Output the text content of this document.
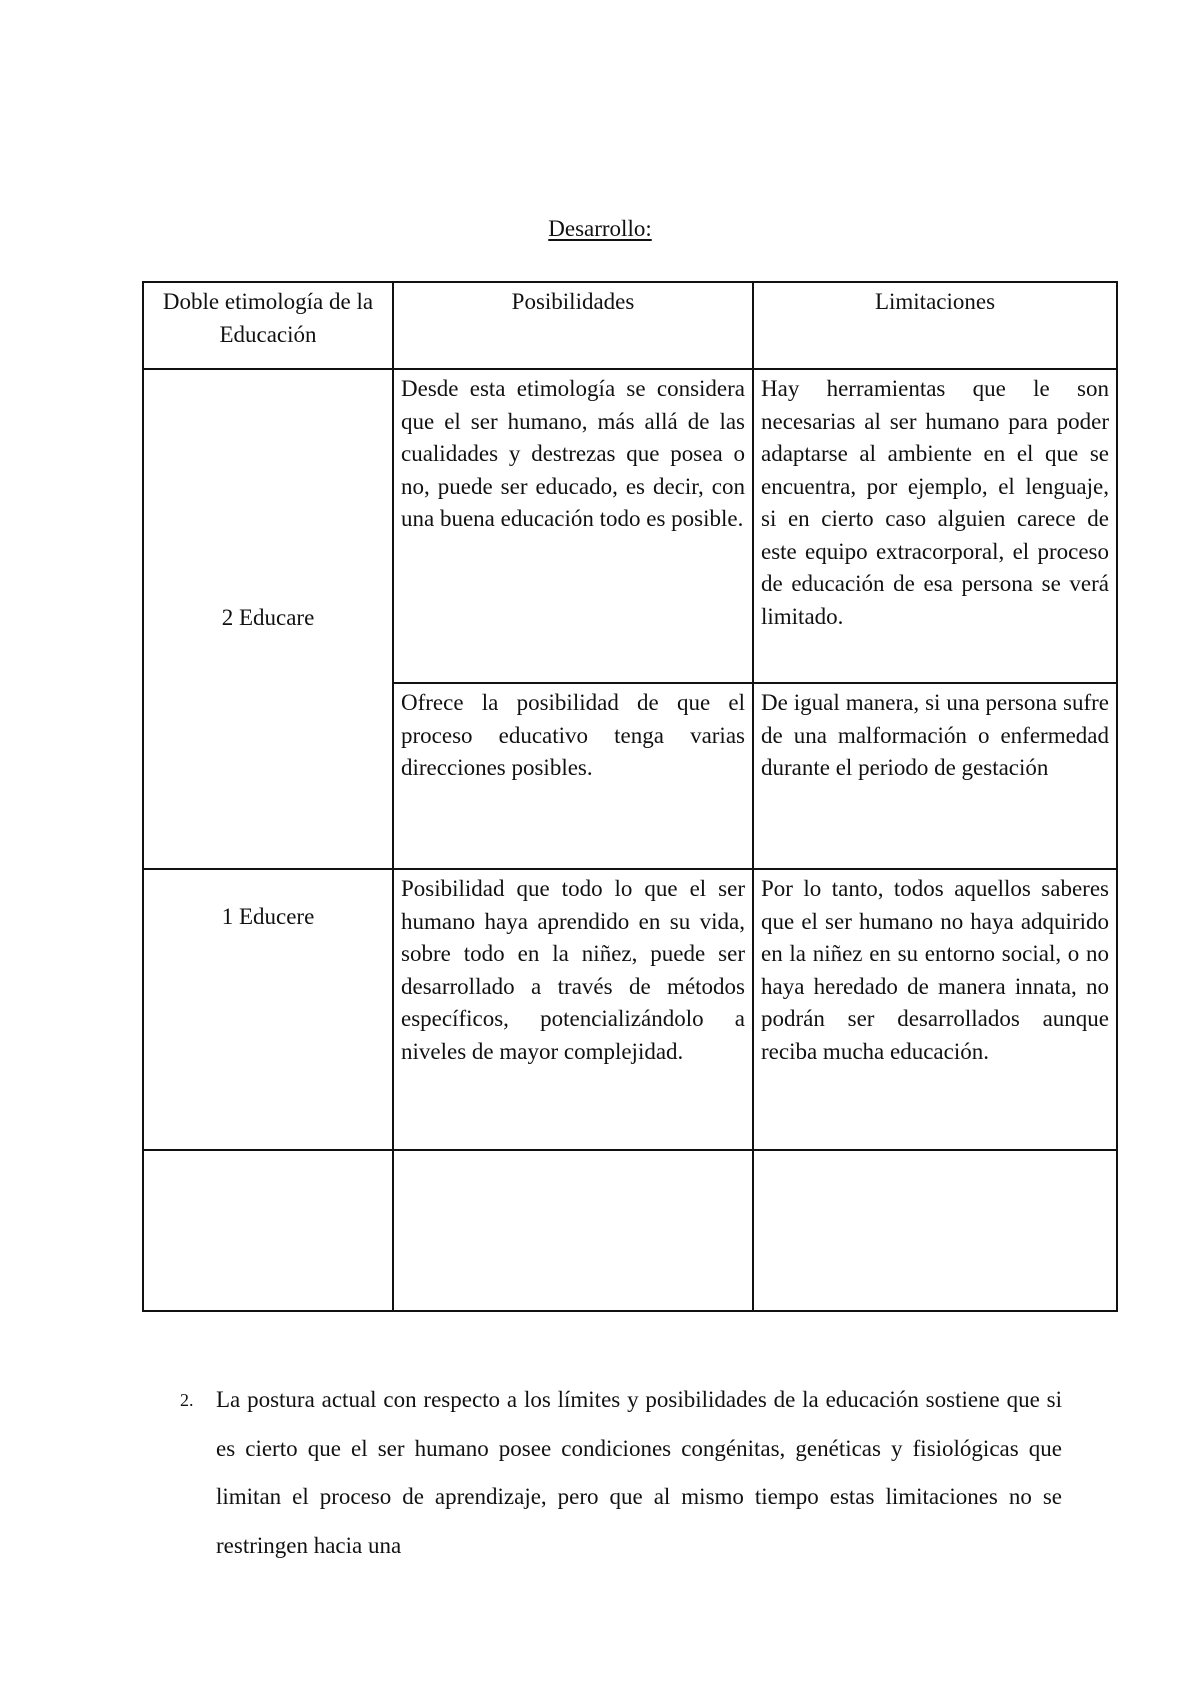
Desarrollo:
Doble etimología de la Educación	Posibilidades	Limitaciones
2 Educare	Desde esta etimología se considera que el ser humano, más allá de las cualidades y destrezas que posea o no, puede ser educado, es decir, con una buena educación todo es posible.	Hay herramientas que le son necesarias al ser humano para poder adaptarse al ambiente en el que se encuentra, por ejemplo, el lenguaje, si en cierto caso alguien carece de este equipo extracorporal, el proceso de educación de esa persona se verá limitado.
	Ofrece la posibilidad de que el proceso educativo tenga varias direcciones posibles.	De igual manera, si una persona sufre de una malformación o enfermedad durante el periodo de gestación

1 Educere	Posibilidad que todo lo que el ser humano haya aprendido en su vida, sobre todo en la niñez, puede ser desarrollado a través de métodos específicos, potencializándolo a niveles de mayor complejidad.	Por lo tanto, todos aquellos saberes que el ser humano no haya adquirido en la niñez en su entorno social, o no haya heredado de manera innata, no podrán ser desarrollados aunque reciba mucha educación.

2. La postura actual con respecto a los límites y posibilidades de la educación sostiene que si es cierto que el ser humano posee condiciones congénitas, genéticas y fisiológicas que limitan el proceso de aprendizaje, pero que al mismo tiempo estas limitaciones no se restringen hacia una
